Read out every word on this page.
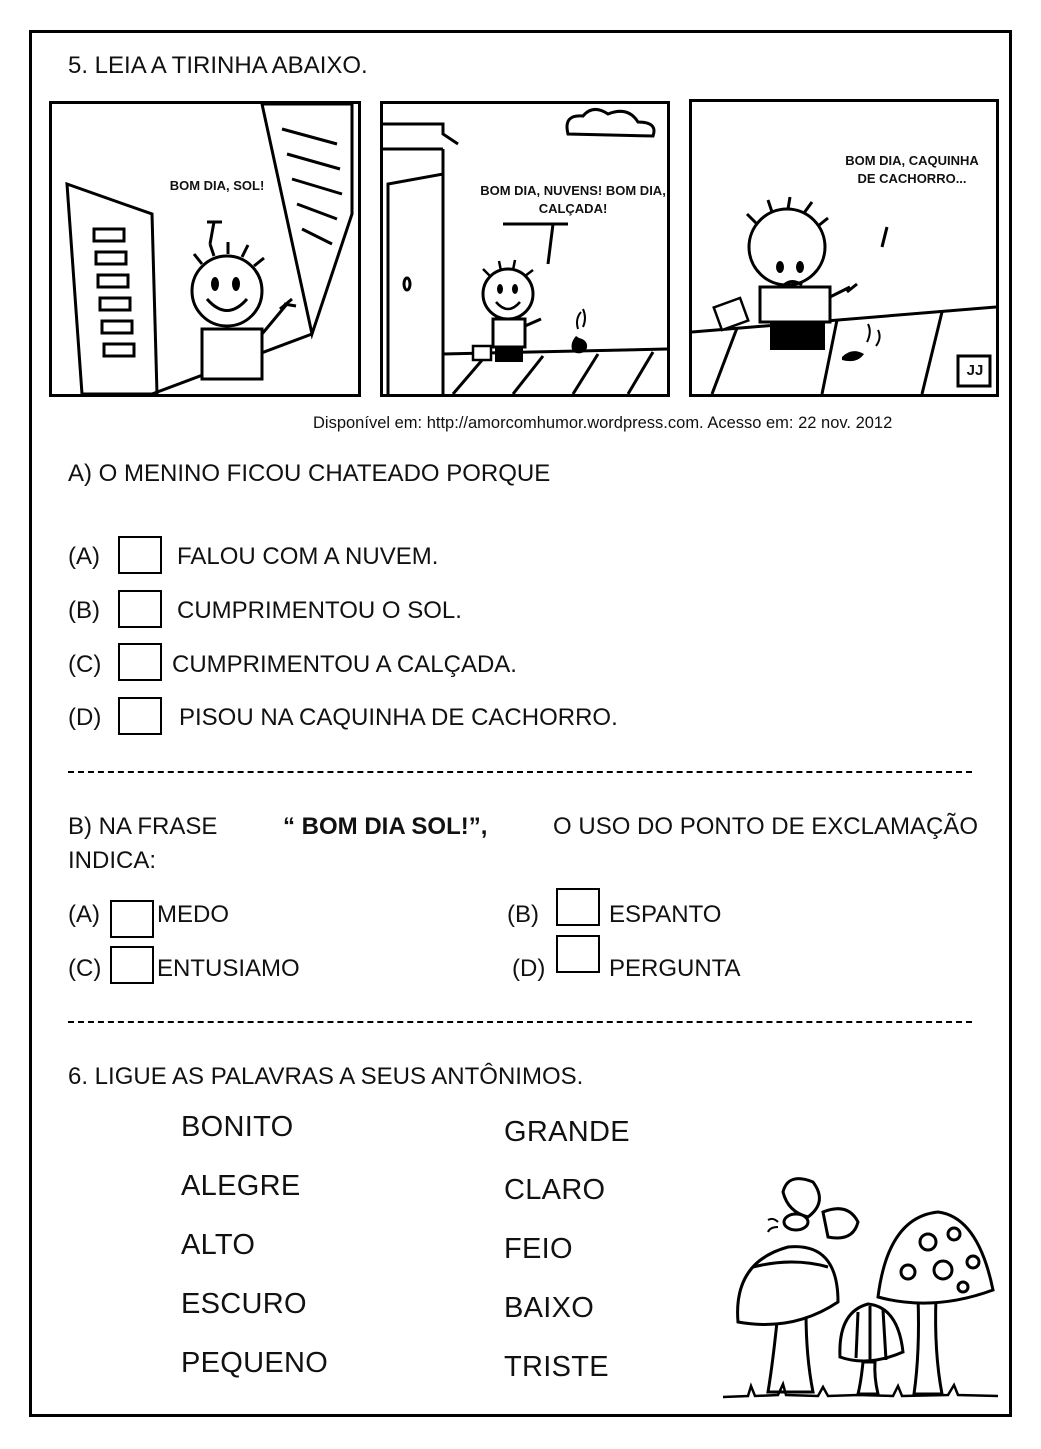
5. LEIA A TIRINHA ABAIXO.
BOM DIA, SOL!	BOM DIA, NUVENS! BOM DIA, CALÇADA!
BOM DIA, CAQUINHA DE CACHORRO...
JJ
Disponível em: http://amorcomhumor.wordpress.com. Acesso em: 22 nov. 2012
A) O MENINO FICOU CHATEADO PORQUE
(A)	FALOU COM A NUVEM.
(B)	CUMPRIMENTOU O SOL.
(C)	CUMPRIMENTOU A CALÇADA.
(D)	PISOU NA CAQUINHA DE CACHORRO.
B) NA FRASE	“ BOM DIA SOL!”,	O USO DO PONTO DE EXCLAMAÇÃO
INDICA:
(A) MEDO	(B)	ESPANTO
(C) ENTUSIAMO	(D)	PERGUNTA
6. LIGUE AS PALAVRAS A SEUS ANTÔNIMOS.
BONITO
ALEGRE
ALTO
ESCURO
PEQUENO
GRANDE
CLARO
FEIO
BAIXO
TRISTE
